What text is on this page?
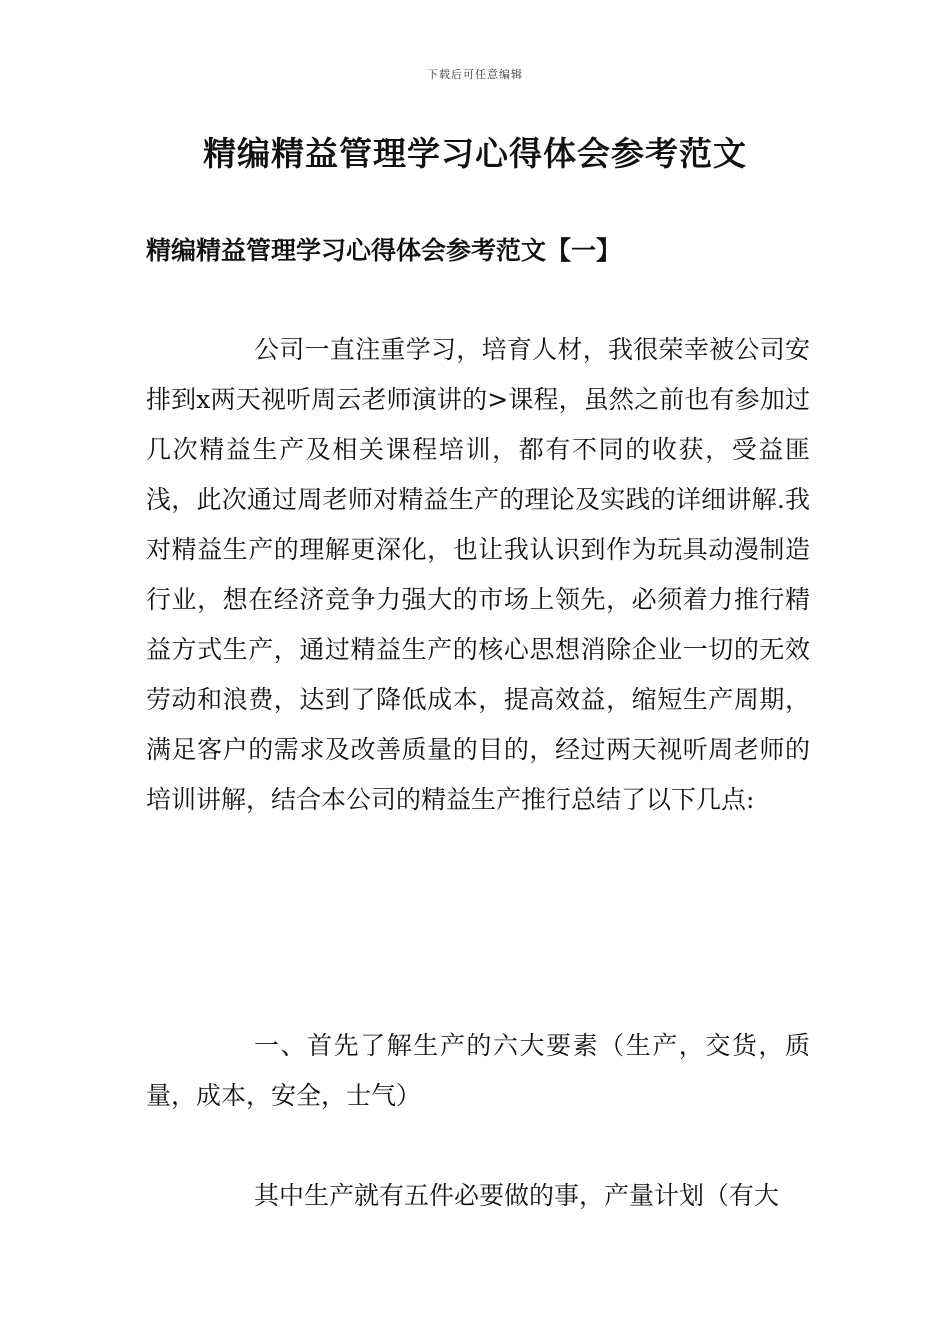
下载后可任意编辑
精编精益管理学习心得体会参考范文
精编精益管理学习心得体会参考范文【一】

公司一直注重学习，培育人材，我很荣幸被公司安排到x两天视听周云老师演讲的>课程，虽然之前也有参加过几次精益生产及相关课程培训，都有不同的收获，受益匪浅，此次通过周老师对精益生产的理论及实践的详细讲解.我对精益生产的理解更深化，也让我认识到作为玩具动漫制造行业，想在经济竞争力强大的市场上领先，必须着力推行精益方式生产，通过精益生产的核心思想消除企业一切的无效劳动和浪费，达到了降低成本，提高效益，缩短生产周期，满足客户的需求及改善质量的目的，经过两天视听周老师的培训讲解，结合本公司的精益生产推行总结了以下几点:

一、首先了解生产的六大要素（生产，交货，质量，成本，安全，士气）

其中生产就有五件必要做的事，产量计划（有大
